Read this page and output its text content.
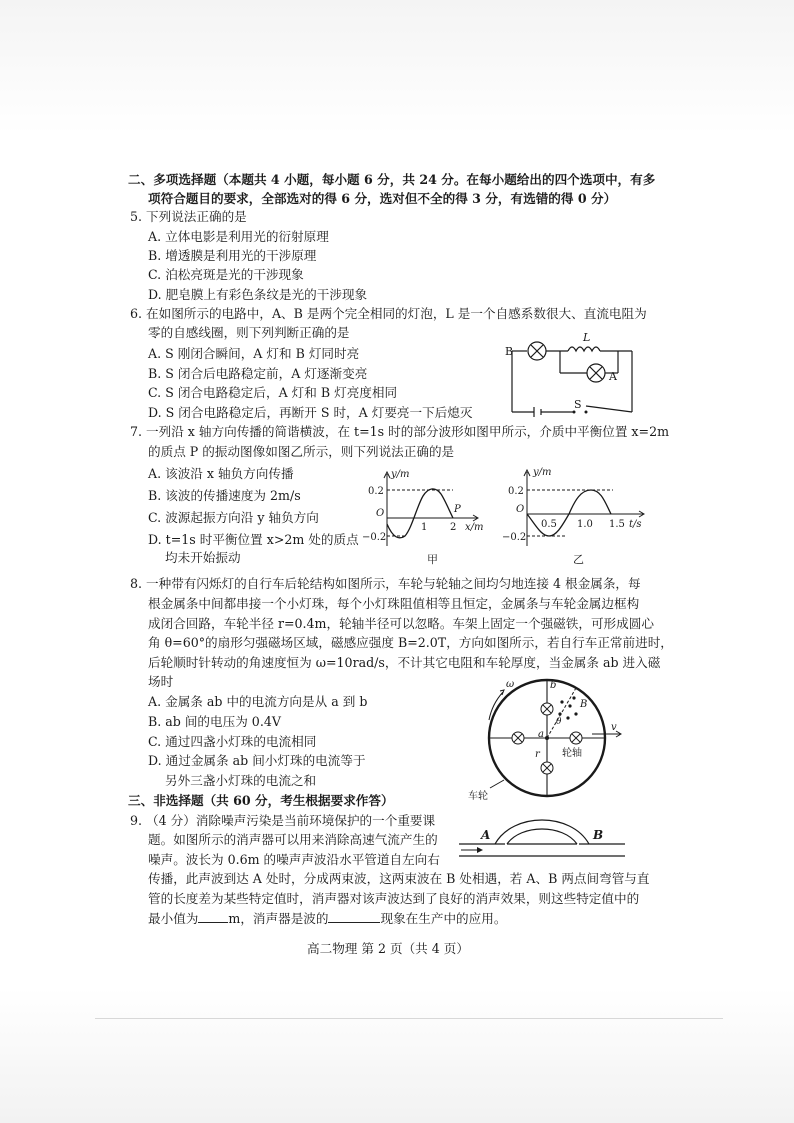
二、多项选择题（本题共 4 小题，每小题 6 分，共 24 分。在每小题给出的四个选项中，有多
项符合题目的要求，全部选对的得 6 分，选对但不全的得 3 分，有选错的得 0 分）
5. 下列说法正确的是
A. 立体电影是利用光的衍射原理
B. 增透膜是利用光的干涉原理
C. 泊松亮斑是光的干涉现象
D. 肥皂膜上有彩色条纹是光的干涉现象
6. 在如图所示的电路中，A、B 是两个完全相同的灯泡，L 是一个自感系数很大、直流电阻为
零的自感线圈，则下列判断正确的是
A. S 刚闭合瞬间，A 灯和 B 灯同时亮
B. S 闭合后电路稳定前，A 灯逐渐变亮
C. S 闭合电路稳定后，A 灯和 B 灯亮度相同
D. S 闭合电路稳定后，再断开 S 时，A 灯要亮一下后熄灭
B
L
A
S
7. 一列沿 x 轴方向传播的简谐横波，在 t=1s 时的部分波形如图甲所示，介质中平衡位置 x=2m
的质点 P 的振动图像如图乙所示，则下列说法正确的是
A. 该波沿 x 轴负方向传播
B. 该波的传播速度为 2m/s
C. 波源起振方向沿 y 轴负方向
D. t=1s 时平衡位置 x>2m 处的质点
均未开始振动
y/m
0.2
−0.2
O
1 2 x/m
P
甲
y/m
0.2
−0.2
O
0.5 1.0 1.5 t/s
乙
8. 一种带有闪烁灯的自行车后轮结构如图所示，车轮与轮轴之间均匀地连接 4 根金属条，每
根金属条中间都串接一个小灯珠，每个小灯珠阻值相等且恒定，金属条与车轮金属边框构
成闭合回路，车轮半径 r=0.4m，轮轴半径可以忽略。车架上固定一个强磁铁，可形成圆心
角 θ=60°的扇形匀强磁场区域，磁感应强度 B=2.0T，方向如图所示，若自行车正常前进时，
后轮顺时针转动的角速度恒为 ω=10rad/s，不计其它电阻和车轮厚度，当金属条 ab 进入磁
场时
A. 金属条 ab 中的电流方向是从 a 到 b
B. ab 间的电压为 0.4V
C. 通过四盏小灯珠的电流相同
D. 通过金属条 ab 间小灯珠的电流等于
另外三盏小灯珠的电流之和
ω	b
a
r
θ
B
v
轮轴
车轮
三、非选择题（共 60 分，考生根据要求作答）
9. （4 分）消除噪声污染是当前环境保护的一个重要课
题。如图所示的消声器可以用来消除高速气流产生的
噪声。波长为 0.6m 的噪声声波沿水平管道自左向右
传播，此声波到达 A 处时，分成两束波，这两束波在 B 处相遇，若 A、B 两点间弯管与直
管的长度差为某些特定值时，消声器对该声波达到了良好的消声效果，则这些特定值中的
最小值为 m，消声器是波的	现象在生产中的应用。
A	B
高二物理 第 2 页（共 4 页）
